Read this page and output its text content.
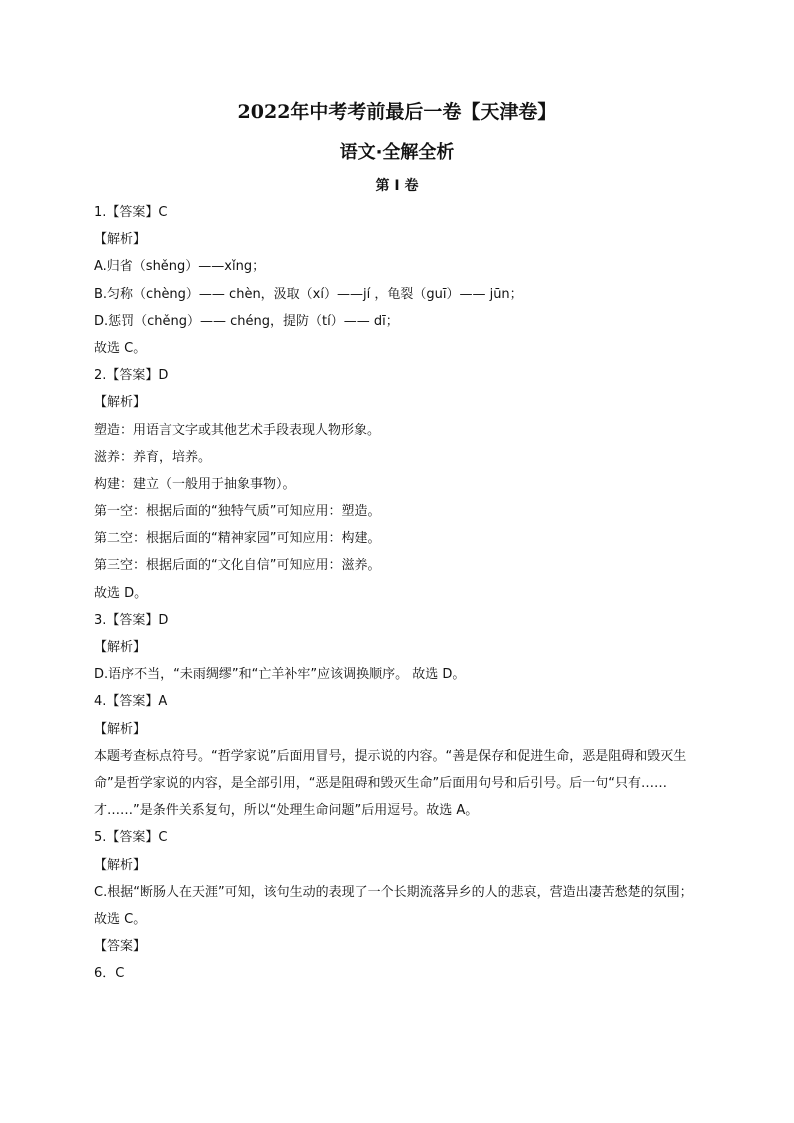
2022年中考考前最后一卷【天津卷】
语文·全解全析
第 I 卷
1.【答案】C
【解析】
A.归省（shěng）——xǐng；
B.匀称（chèng）—— chèn，汲取（xí）——jí ，龟裂（guī）—— jūn；
D.惩罚（chěng）—— chéng，提防（tí）—— dī；
故选 C。
2.【答案】D
【解析】
塑造：用语言文字或其他艺术手段表现人物形象。
滋养：养育，培养。
构建：建立（一般用于抽象事物）。
第一空：根据后面的“独特气质”可知应用：塑造。
第二空：根据后面的“精神家园”可知应用：构建。
第三空：根据后面的“文化自信”可知应用：滋养。
故选 D。
3.【答案】D
【解析】
D.语序不当，“未雨绸缪”和“亡羊补牢”应该调换顺序。 故选 D。
4.【答案】A
【解析】
本题考查标点符号。“哲学家说”后面用冒号，提示说的内容。“善是保存和促进生命，恶是阻碍和毁灭生命”是哲学家说的内容，是全部引用，“恶是阻碍和毁灭生命”后面用句号和后引号。后一句“只有……才……”是条件关系复句，所以“处理生命问题”后用逗号。故选 A。
5.【答案】C
【解析】
C.根据“断肠人在天涯”可知，该句生动的表现了一个长期流落异乡的人的悲哀，营造出凄苦愁楚的氛围；
故选 C。
【答案】
6．C
